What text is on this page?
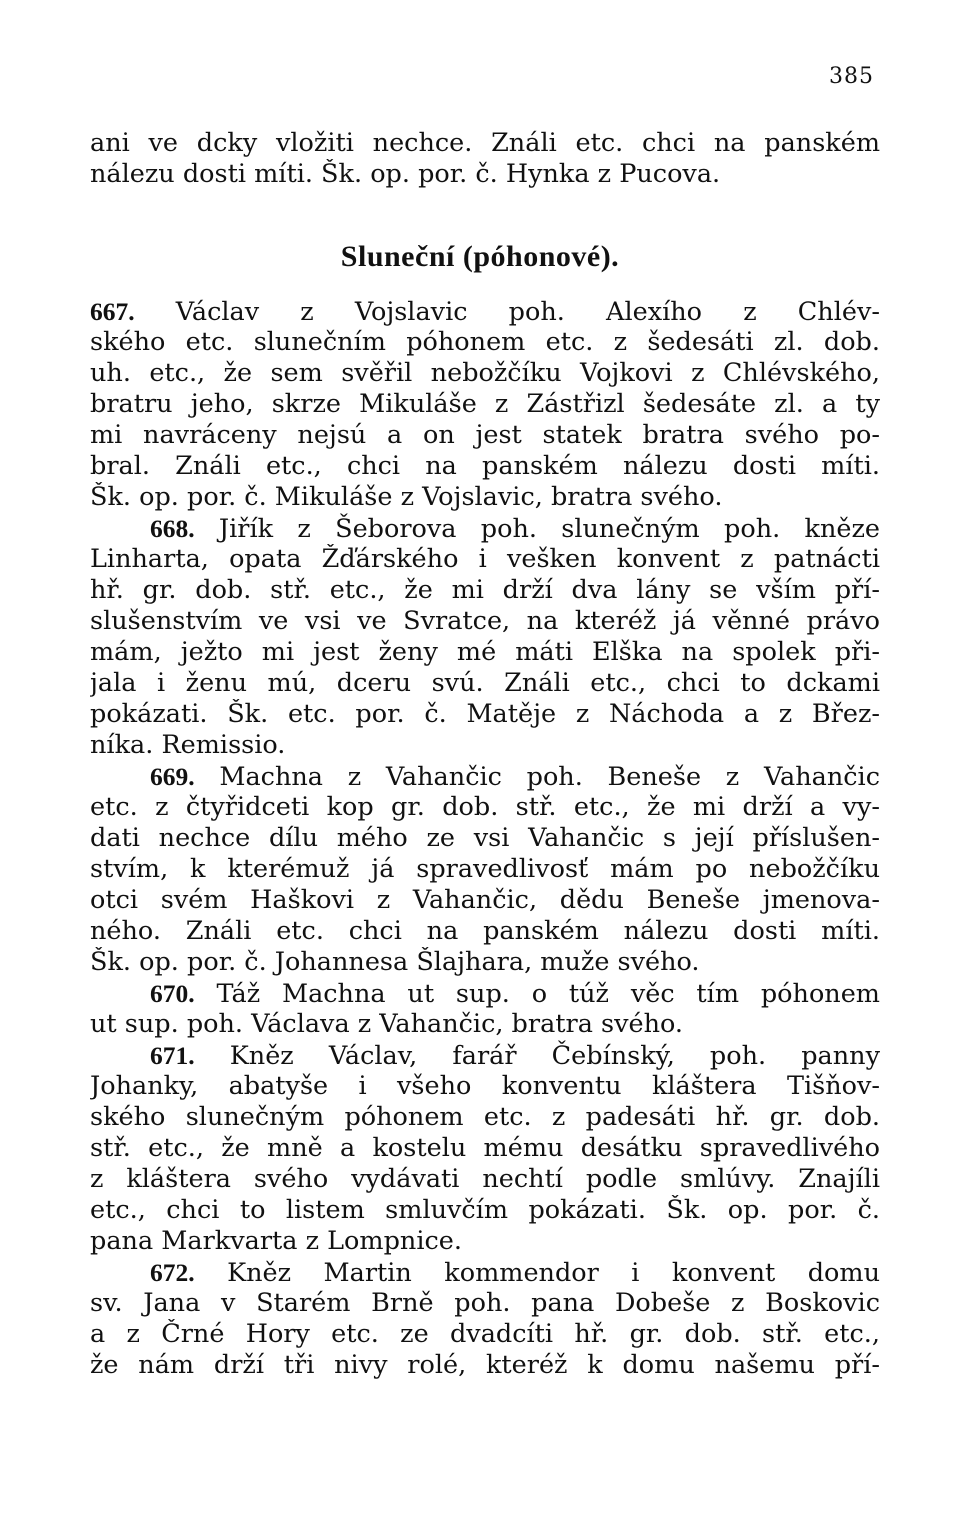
385
ani ve dcky vložiti nechce. Ználi etc. chci na panském
nálezu dosti míti. Šk. op. por. č. Hynka z Pucova.
Sluneční (póhonové).
667. Václav z Vojslavic poh. Alexího z Chlév-
ského etc. slunečním póhonem etc. z šedesáti zl. dob.
uh. etc., že sem svěřil nebožčíku Vojkovi z Chlévského,
bratru jeho, skrze Mikuláše z Zástřizl šedesáte zl. a ty
mi navráceny nejsú a on jest statek bratra svého po-
bral. Ználi etc., chci na panském nálezu dosti míti.
Šk. op. por. č. Mikuláše z Vojslavic, bratra svého.
668. Jiřík z Šeborova poh. slunečným poh. kněze
Linharta, opata Žďárského i vešken konvent z patnácti
hř. gr. dob. stř. etc., že mi drží dva lány se vším pří-
slušenstvím ve vsi ve Svratce, na kteréž já věnné právo
mám, ježto mi jest ženy mé máti Elška na spolek při-
jala i ženu mú, dceru svú. Ználi etc., chci to dckami
pokázati. Šk. etc. por. č. Matěje z Náchoda a z Břez-
níka. Remissio.
669. Machna z Vahančic poh. Beneše z Vahančic
etc. z čtyřidceti kop gr. dob. stř. etc., že mi drží a vy-
dati nechce dílu mého ze vsi Vahančic s její příslušen-
stvím, k kterémuž já spravedlivosť mám po nebožčíku
otci svém Haškovi z Vahančic, dědu Beneše jmenova-
ného. Ználi etc. chci na panském nálezu dosti míti.
Šk. op. por. č. Johannesa Šlajhara, muže svého.
670. Táž Machna ut sup. o túž věc tím póhonem
ut sup. poh. Václava z Vahančic, bratra svého.
671. Kněz Václav, farář Čebínský, poh. panny
Johanky, abatyše i všeho konventu kláštera Tišňov-
ského slunečným póhonem etc. z padesáti hř. gr. dob.
stř. etc., že mně a kostelu mému desátku spravedlivého
z kláštera svého vydávati nechtí podle smlúvy. Znajíli
etc., chci to listem smluvčím pokázati. Šk. op. por. č.
pana Markvarta z Lompnice.
672. Kněz Martin kommendor i konvent domu
sv. Jana v Starém Brně poh. pana Dobeše z Boskovic
a z Črné Hory etc. ze dvadcíti hř. gr. dob. stř. etc.,
že nám drží tři nivy rolé, kteréž k domu našemu pří-
